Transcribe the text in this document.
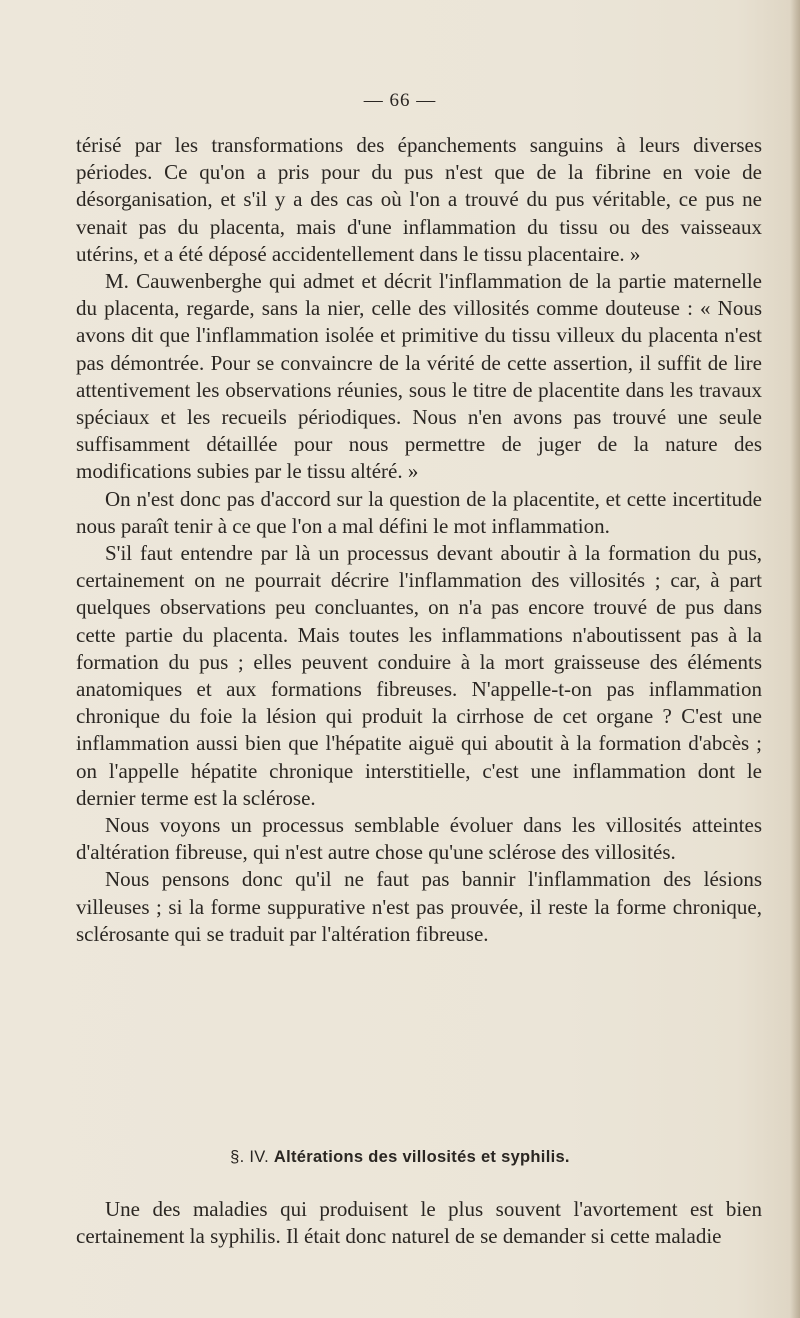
— 66 —

térisé par les transformations des épanchements sanguins à leurs diverses périodes. Ce qu'on a pris pour du pus n'est que de la fibrine en voie de désorganisation, et s'il y a des cas où l'on a trouvé du pus véritable, ce pus ne venait pas du placenta, mais d'une inflammation du tissu ou des vaisseaux utérins, et a été déposé accidentellement dans le tissu placentaire. »

M. Cauwenberghe qui admet et décrit l'inflammation de la partie maternelle du placenta, regarde, sans la nier, celle des villosités comme douteuse : « Nous avons dit que l'inflammation isolée et primitive du tissu villeux du placenta n'est pas démontrée. Pour se convaincre de la vérité de cette assertion, il suffit de lire attentivement les observations réunies, sous le titre de placentite dans les travaux spéciaux et les recueils périodiques. Nous n'en avons pas trouvé une seule suffisamment détaillée pour nous permettre de juger de la nature des modifications subies par le tissu altéré. »

On n'est donc pas d'accord sur la question de la placentite, et cette incertitude nous paraît tenir à ce que l'on a mal défini le mot inflammation.

S'il faut entendre par là un processus devant aboutir à la formation du pus, certainement on ne pourrait décrire l'inflammation des villosités ; car, à part quelques observations peu concluantes, on n'a pas encore trouvé de pus dans cette partie du placenta. Mais toutes les inflammations n'aboutissent pas à la formation du pus ; elles peuvent conduire à la mort graisseuse des éléments anatomiques et aux formations fibreuses. N'appelle-t-on pas inflammation chronique du foie la lésion qui produit la cirrhose de cet organe ? C'est une inflammation aussi bien que l'hépatite aiguë qui aboutit à la formation d'abcès ; on l'appelle hépatite chronique interstitielle, c'est une inflammation dont le dernier terme est la sclérose.

Nous voyons un processus semblable évoluer dans les villosités atteintes d'altération fibreuse, qui n'est autre chose qu'une sclérose des villosités.

Nous pensons donc qu'il ne faut pas bannir l'inflammation des lésions villeuses ; si la forme suppurative n'est pas prouvée, il reste la forme chronique, sclérosante qui se traduit par l'altération fibreuse.

§. IV. Altérations des villosités et syphilis.

Une des maladies qui produisent le plus souvent l'avortement est bien certainement la syphilis. Il était donc naturel de se demander si cette maladie
